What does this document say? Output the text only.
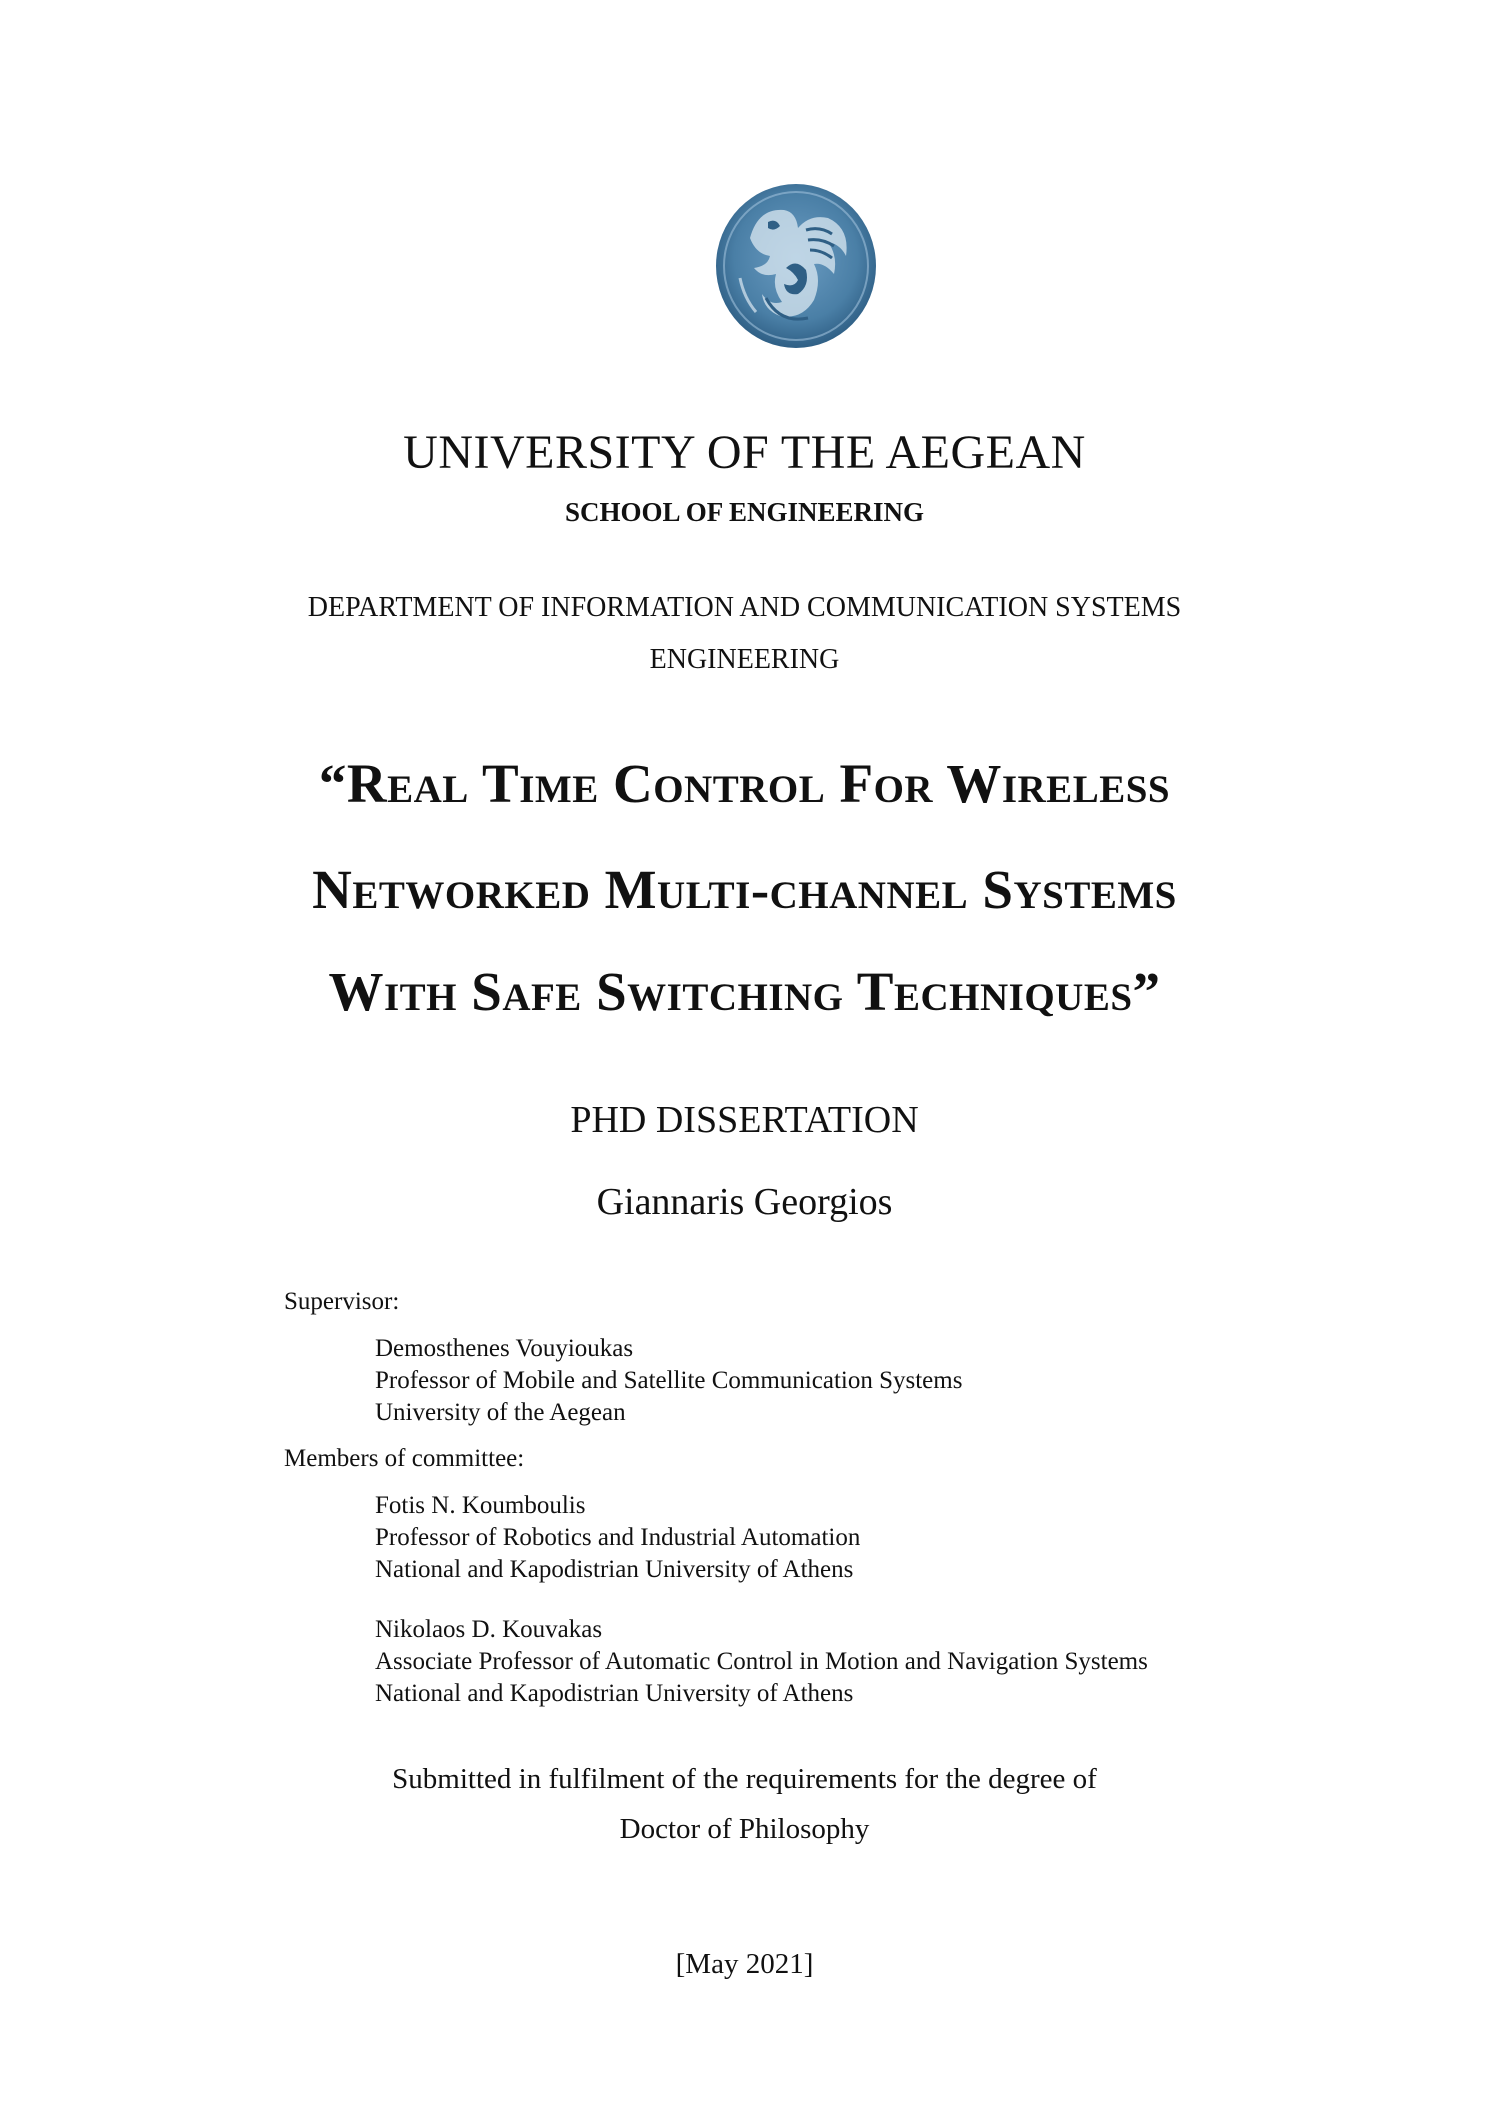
UNIVERSITY OF THE AEGEAN
SCHOOL OF ENGINEERING
DEPARTMENT OF INFORMATION AND COMMUNICATION SYSTEMS
ENGINEERING
“Real Time Control For Wireless
Networked Multi-channel Systems
With Safe Switching Techniques”
PHD DISSERTATION
Giannaris Georgios
Supervisor:
Demosthenes Vouyioukas
Professor of Mobile and Satellite Communication Systems
University of the Aegean
Members of committee:
Fotis N. Koumboulis
Professor of Robotics and Industrial Automation
National and Kapodistrian University of Athens
Nikolaos D. Kouvakas
Associate Professor of Automatic Control in Motion and Navigation Systems
National and Kapodistrian University of Athens
Submitted in fulfilment of the requirements for the degree of
Doctor of Philosophy
[May 2021]
